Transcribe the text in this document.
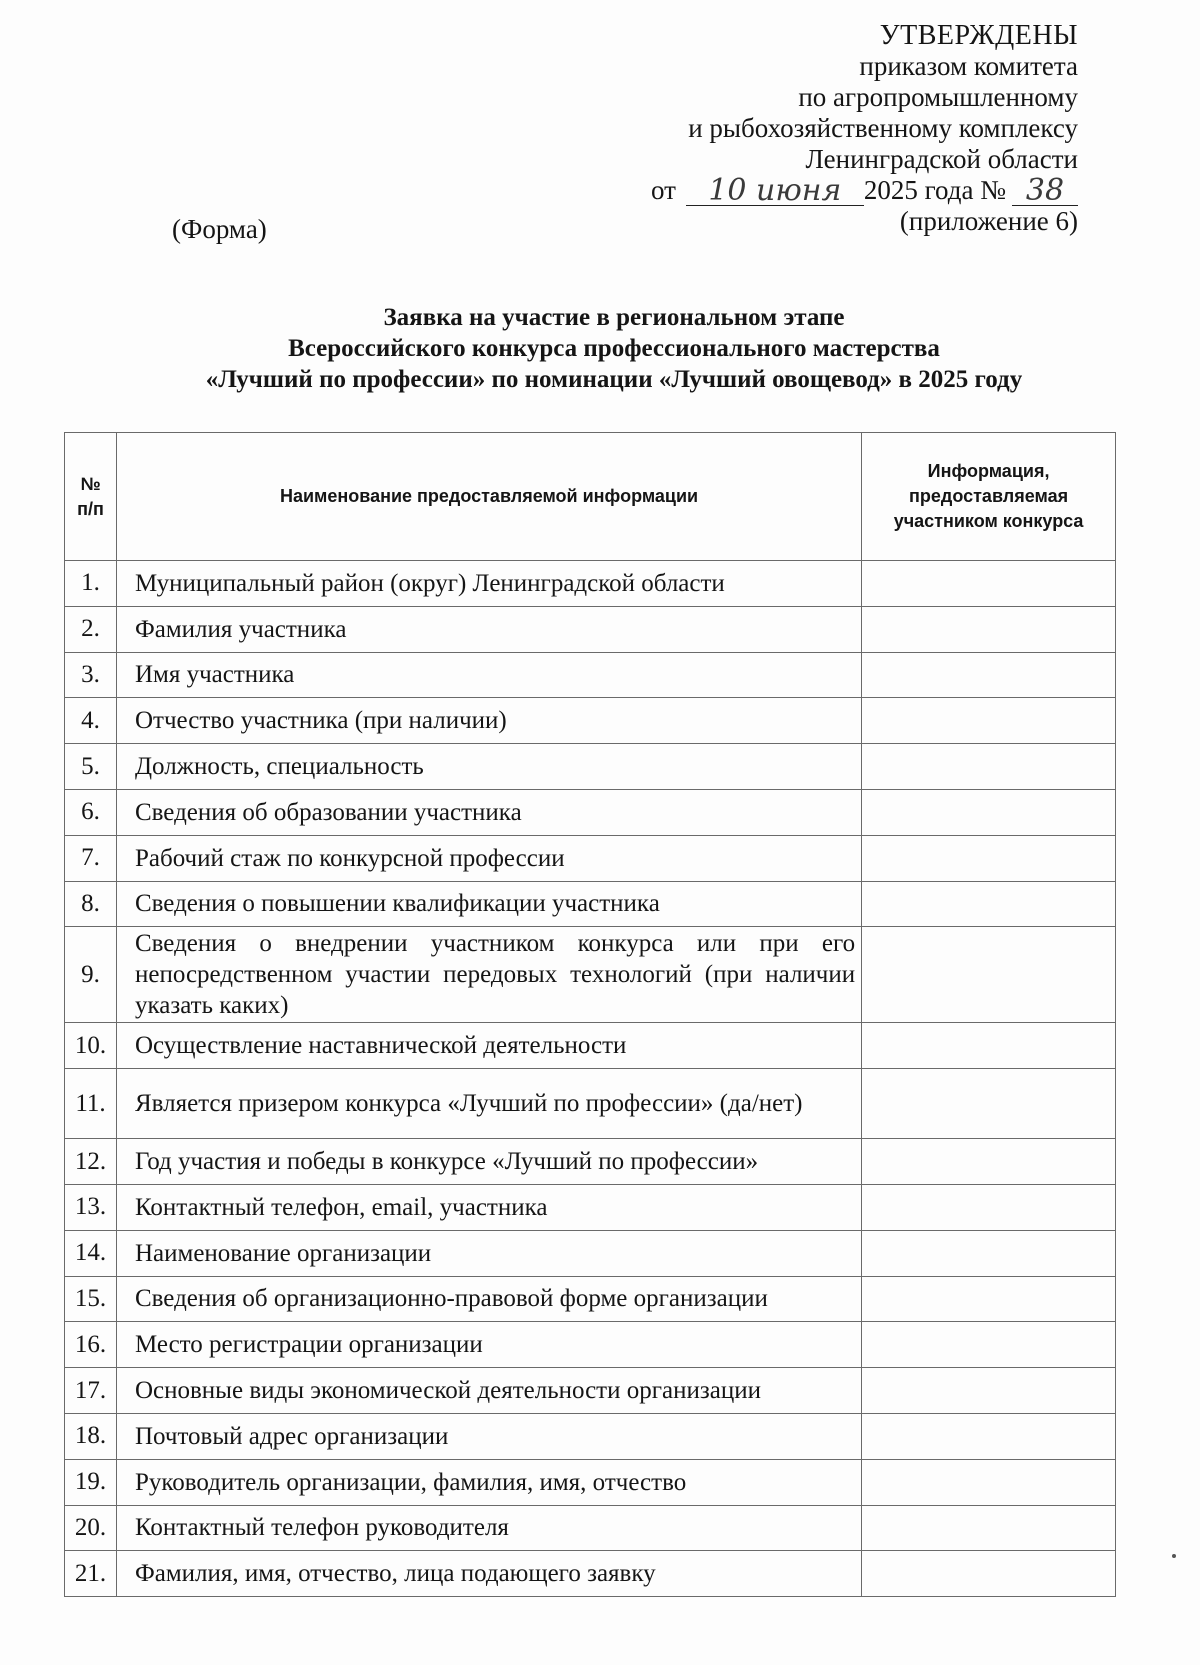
УТВЕРЖДЕНЫ
приказом комитета
по агропромышленному
и рыбохозяйственному комплексу
Ленинградской области
от	10 июня 2025 года № 38
(приложение 6)
(Форма)
Заявка на участие в региональном этапе
Всероссийского конкурса профессионального мастерства
«Лучший по профессии» по номинации «Лучший овощевод» в 2025 году
№ п/п	Наименование предоставляемой информации	Информация, предоставляемая участником конкурса
1.	Муниципальный район (округ) Ленинградской области	
2.	Фамилия участника	
3.	Имя участника	
4.	Отчество участника (при наличии)	
5.	Должность, специальность	
6.	Сведения об образовании участника	
7.	Рабочий стаж по конкурсной профессии	
8.	Сведения о повышении квалификации участника	
9.	Сведения о внедрении участником конкурса или при его непосредственном участии передовых технологий (при наличии указать каких)	
10.	Осуществление наставнической деятельности	
11.	Является призером конкурса «Лучший по профессии» (да/нет)	
12.	Год участия и победы в конкурсе «Лучший по профессии»	
13.	Контактный телефон, email, участника	
14.	Наименование организации	
15.	Сведения об организационно-правовой форме организации	
16.	Место регистрации организации	
17.	Основные виды экономической деятельности организации	
18.	Почтовый адрес организации	
19.	Руководитель организации, фамилия, имя, отчество	
20.	Контактный телефон руководителя	
21.	Фамилия, имя, отчество, лица подающего заявку	
